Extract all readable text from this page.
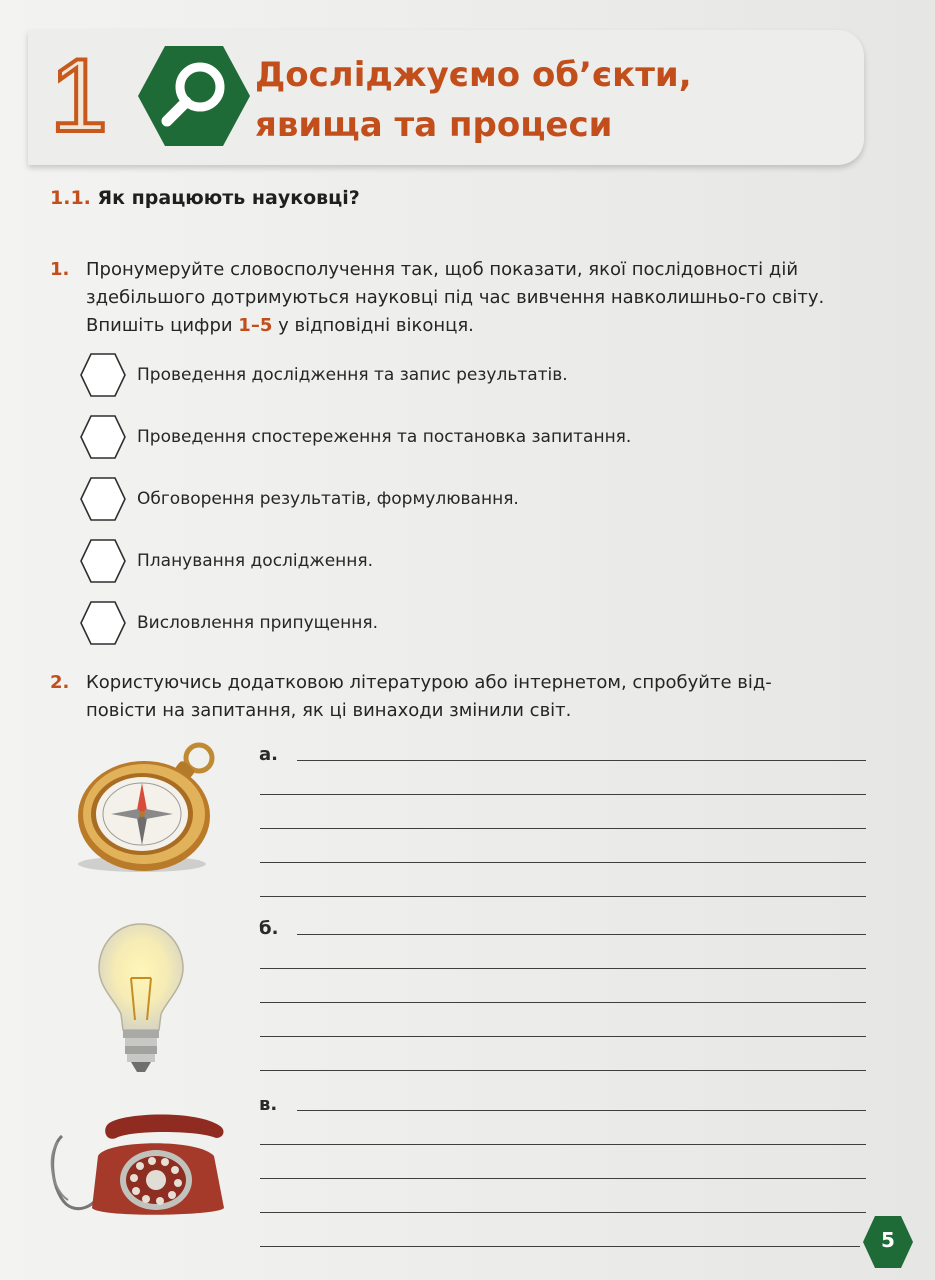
1	Досліджуємо об’єкти,
явища та процеси
1.1. Як працюють науковці?
1. Пронумеруйте словосполучення так, щоб показати, якої послідовності дій здебільшого дотримуються науковці під час вивчення навколишньо-го світу. Впишіть цифри 1–5 у відповідні віконця.
Проведення дослідження та запис результатів.
Проведення спостереження та постановка запитання.
Обговорення результатів, формулювання.
Планування дослідження.
Висловлення припущення.
2. Користуючись додатковою літературою або інтернетом, спробуйте від-повісти на запитання, як ці винаходи змінили світ.
а.
б.
в.
5
